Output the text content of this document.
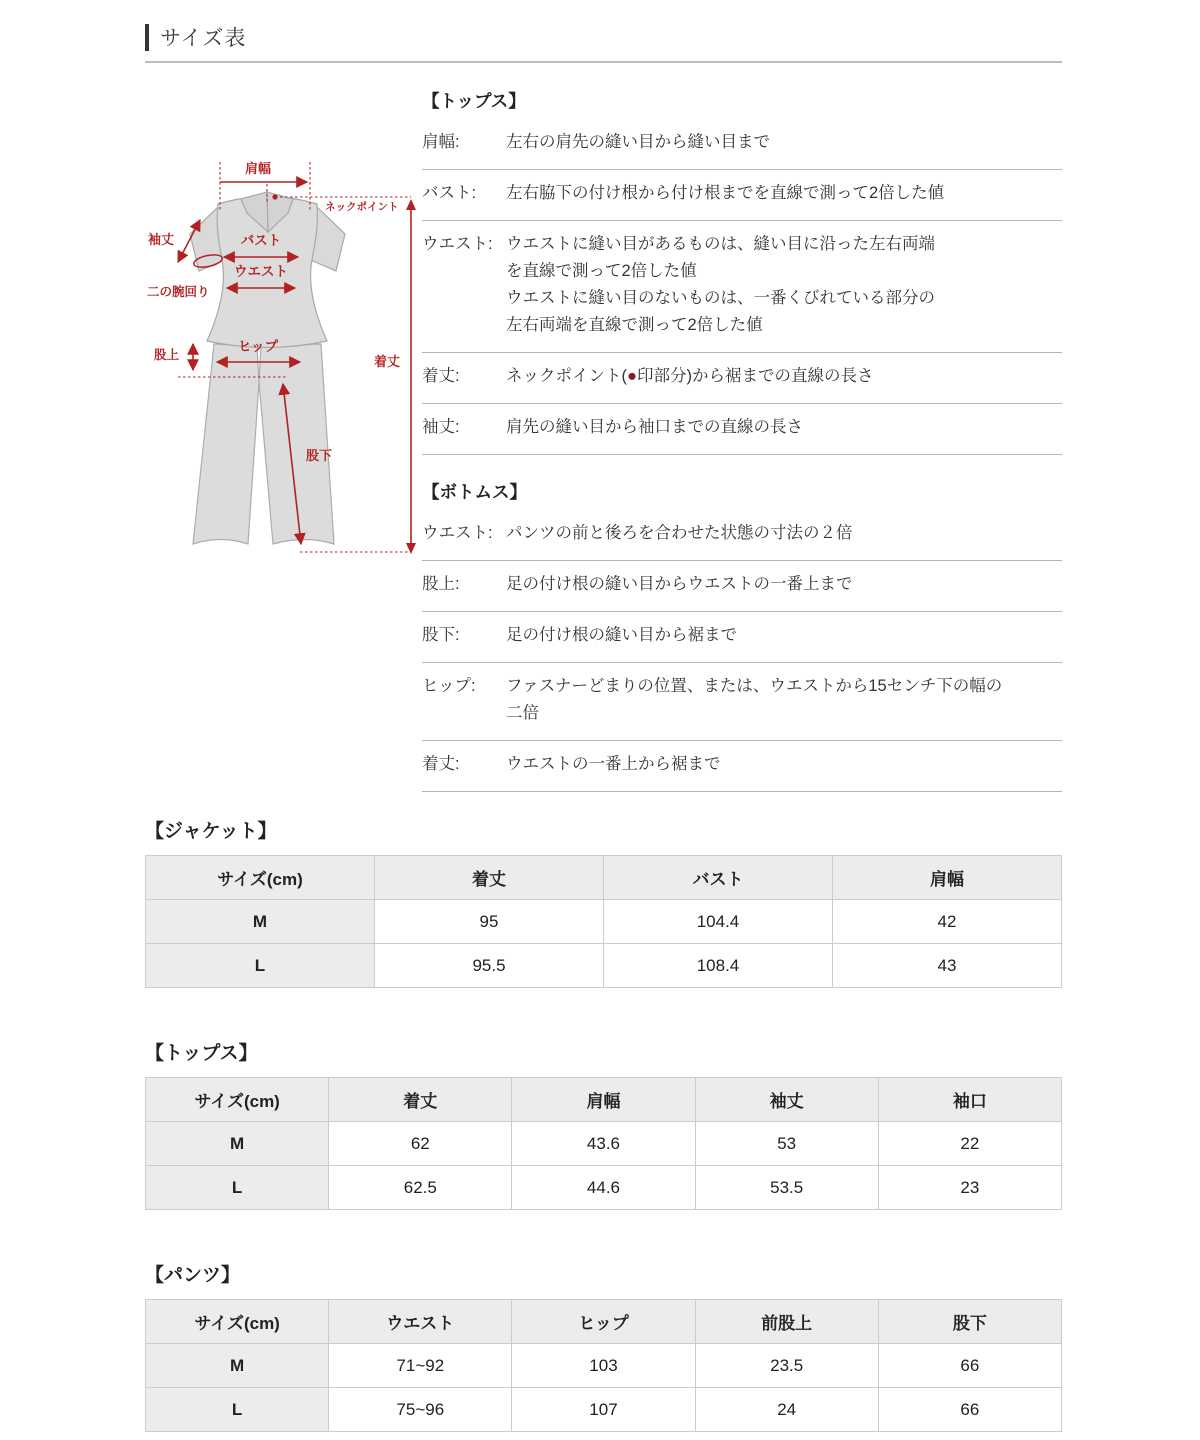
サイズ表
肩幅
ネックポイント
着丈
袖丈
二の腕回り
バスト
ウエスト
股上
ヒップ
股下
【トップス】
肩幅:	左右の肩先の縫い目から縫い目まで
バスト:	左右脇下の付け根から付け根までを直線で測って2倍した値
ウエスト: ウエストに縫い目があるものは、縫い目に沿った左右両端
を直線で測って2倍した値
ウエストに縫い目のないものは、一番くびれている部分の
左右両端を直線で測って2倍した値
着丈:	ネックポイント(●印部分)から裾までの直線の長さ
袖丈:	肩先の縫い目から袖口までの直線の長さ
【ボトムス】
ウエスト: パンツの前と後ろを合わせた状態の寸法の２倍
股上:	足の付け根の縫い目からウエストの一番上まで
股下:	足の付け根の縫い目から裾まで
ヒップ:	ファスナーどまりの位置、または、ウエストから15センチ下の幅の
二倍
着丈:	ウエストの一番上から裾まで
【ジャケット】
サイズ(cm)	着丈	バスト	肩幅
M	95	104.4	42
L	95.5	108.4	43
【トップス】
サイズ(cm)	着丈	肩幅	袖丈	袖口
M	62	43.6	53	22
L	62.5	44.6	53.5	23
【パンツ】
サイズ(cm)	ウエスト	ヒップ	前股上	股下
M	71~92	103	23.5	66
L	75~96	107	24	66
